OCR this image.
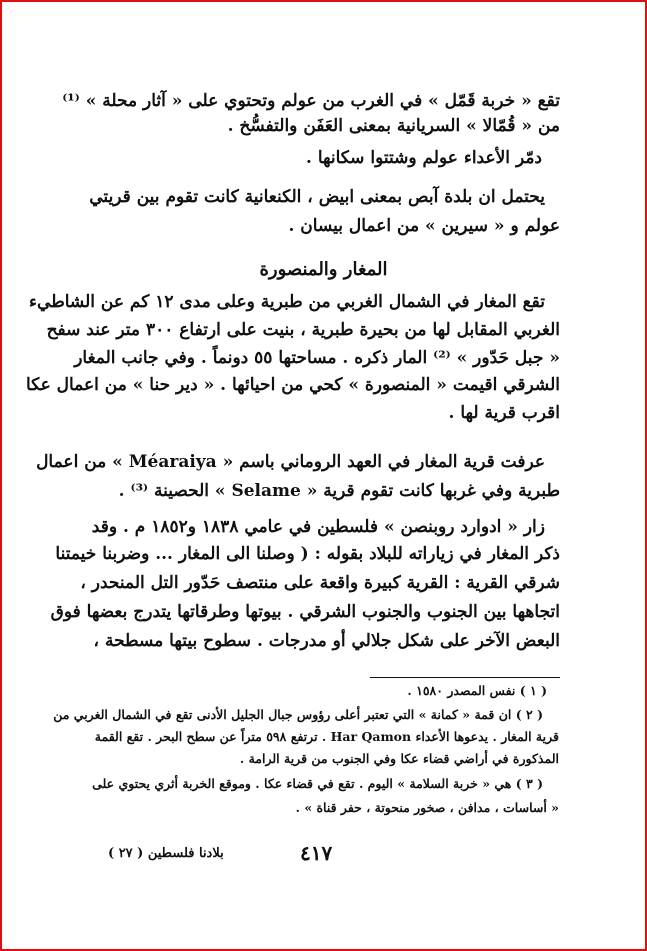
تقع « خربة قَمّل » في الغرب من عولم وتحتوي على « آثار محلة » ⁽¹⁾
من « قُمّالا » السريانية بمعنى العَفَن والتفسُّخ .
دمّر الأعداء عولم وشتتوا سكانها .
يحتمل ان بلدة آبص بمعنى ابيض ، الكنعانية كانت تقوم بين قريتي
عولم و « سيرين » من اعمال بيسان .
المغار والمنصورة
تقع المغار في الشمال الغربي من طبرية وعلى مدى ١٢ كم عن الشاطيء
الغربي المقابل لها من بحيرة طبرية ، بنيت على ارتفاع ٣٠٠ متر عند سفح
« جبل حَدّور » ⁽²⁾ المار ذكره . مساحتها ٥٥ دونماً . وفي جانب المغار
الشرقي اقيمت « المنصورة » كحي من احيائها . « دير حنا » من اعمال عكا
اقرب قرية لها .
عرفت قرية المغار في العهد الروماني باسم « Méaraiya » من اعمال
طبرية وفي غربها كانت تقوم قرية « Selame » الحصينة ⁽³⁾ .
زار « ادوارد روبنصن » فلسطين في عامي ١٨٣٨ و١٨٥٢ م . وقد
ذكر المغار في زياراته للبلاد بقوله : ( وصلنا الى المغار ... وضربنا خيمتنا
شرقي القرية : القرية كبيرة واقعة على منتصف حَدّور التل المنحدر ،
اتجاهها بين الجنوب والجنوب الشرقي . بيوتها وطرقاتها يتدرج بعضها فوق
البعض الآخر على شكل جلالي أو مدرجات . سطوح بيتها مسطحة ،
( ١ ) نفس المصدر ١٥٨٠ .
( ٢ ) ان قمة « كمانة » التي تعتبر أعلى رؤوس جبال الجليل الأدنى تقع في الشمال الغربي من
قرية المغار . يدعوها الأعداء Har Qamon . ترتفع ٥٩٨ متراً عن سطح البحر . تقع القمة
المذكورة في أراضي قضاء عكا وفي الجنوب من قرية الرامة .
( ٣ ) هي « خربة السلامة » اليوم . تقع في قضاء عكا . وموقع الخربة أثري يحتوي على
« أساسات ، مدافن ، صخور منحوتة ، حفر قناة » .
٤١٧
بلادنا فلسطين ( ٢٧ )
